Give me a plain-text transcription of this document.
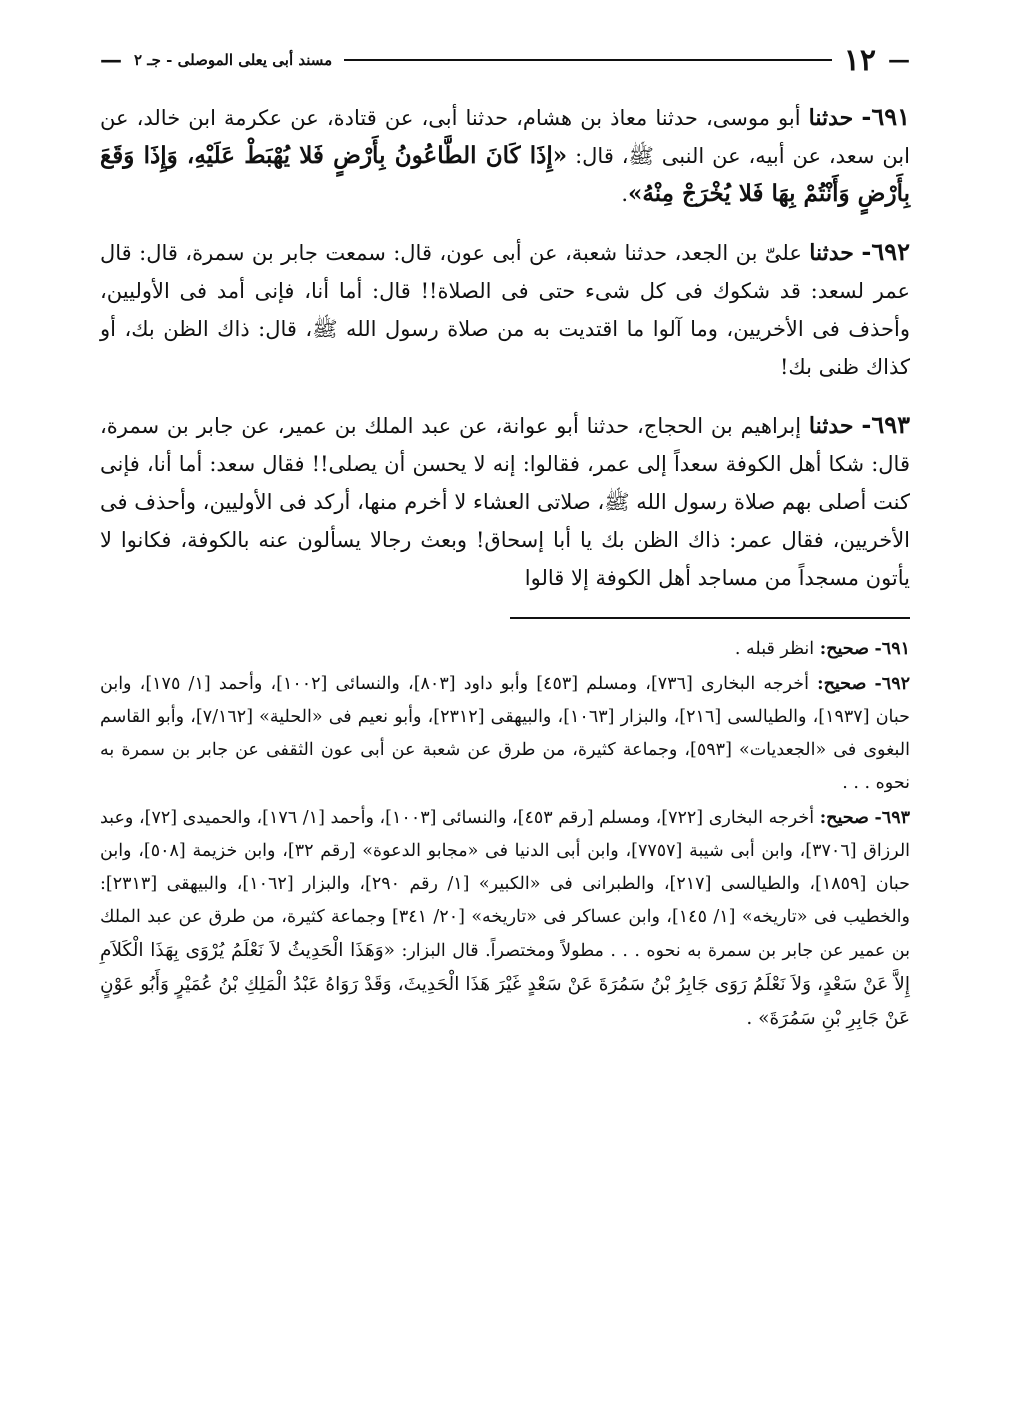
—
١٢
مسند أبى يعلى الموصلى - جـ ٢
—

٦٩١- حدثنا أبو موسى، حدثنا معاذ بن هشام، حدثنا أبى، عن قتادة، عن عكرمة ابن خالد، عن ابن سعد، عن أبيه، عن النبى ﷺ، قال: «إِذَا كَانَ الطَّاعُونُ بِأَرْضٍ فَلا يُهْبَطْ عَلَيْهِ، وَإِذَا وَقَعَ بِأَرْضٍ وَأَنْتُمْ بِهَا فَلا يُخْرَجْ مِنْهُ».

٦٩٢- حدثنا علىّ بن الجعد، حدثنا شعبة، عن أبى عون، قال: سمعت جابر بن سمرة، قال: قال عمر لسعد: قد شكوك فى كل شىء حتى فى الصلاة!! قال: أما أنا، فإنى أمد فى الأوليين، وأحذف فى الأخريين، وما آلوا ما اقتديت به من صلاة رسول الله ﷺ، قال: ذاك الظن بك، أو كذاك ظنى بك!

٦٩٣- حدثنا إبراهيم بن الحجاج، حدثنا أبو عوانة، عن عبد الملك بن عمير، عن جابر بن سمرة، قال: شكا أهل الكوفة سعداً إلى عمر، فقالوا: إنه لا يحسن أن يصلى!! فقال سعد: أما أنا، فإنى كنت أصلى بهم صلاة رسول الله ﷺ، صلاتى العشاء لا أخرم منها، أركد فى الأوليين، وأحذف فى الأخريين، فقال عمر: ذاك الظن بك يا أبا إسحاق! وبعث رجالا يسألون عنه بالكوفة، فكانوا لا يأتون مسجداً من مساجد أهل الكوفة إلا قالوا

٦٩١- صحيح: انظر قبله .

٦٩٢- صحيح: أخرجه البخارى [٧٣٦]، ومسلم [٤٥٣] وأبو داود [٨٠٣]، والنسائى [١٠٠٢]، وأحمد [١/ ١٧٥]، وابن حبان [١٩٣٧]، والطيالسى [٢١٦]، والبزار [١٠٦٣]، والبيهقى [٢٣١٢]، وأبو نعيم فى «الحلية» [٧/١٦٢]، وأبو القاسم البغوى فى «الجعديات» [٥٩٣]، وجماعة كثيرة، من طرق عن شعبة عن أبى عون الثقفى عن جابر بن سمرة به نحوه . . .

٦٩٣- صحيح: أخرجه البخارى [٧٢٢]، ومسلم [رقم ٤٥٣]، والنسائى [١٠٠٣]، وأحمد [١/ ١٧٦]، والحميدى [٧٢]، وعبد الرزاق [٣٧٠٦]، وابن أبى شيبة [٧٧٥٧]، وابن أبى الدنيا فى «مجابو الدعوة» [رقم ٣٢]، وابن خزيمة [٥٠٨]، وابن حبان [١٨٥٩]، والطيالسى [٢١٧]، والطبرانى فى «الكبير» [١/ رقم ٢٩٠]، والبزار [١٠٦٢]، والبيهقى [٢٣١٣]: والخطيب فى «تاريخه» [١/ ١٤٥]، وابن عساكر فى «تاريخه» [٢٠/ ٣٤١] وجماعة كثيرة، من طرق عن عبد الملك بن عمير عن جابر بن سمرة به نحوه . . . مطولاً ومختصراً. قال البزار: «وَهَذَا الْحَدِيثُ لاَ نَعْلَمُ يُرْوَى بِهَذَا الْكَلاَمِ إِلاَّ عَنْ سَعْدٍ، وَلاَ نَعْلَمُ رَوَى جَابِرُ بْنُ سَمُرَةَ عَنْ سَعْدٍ غَيْرَ هَذَا الْحَدِيثَ، وَقَدْ رَوَاهُ عَبْدُ الْمَلِكِ بْنُ عُمَيْرٍ وَأَبُو عَوْنٍ عَنْ جَابِرِ بْنِ سَمُرَةَ» .
